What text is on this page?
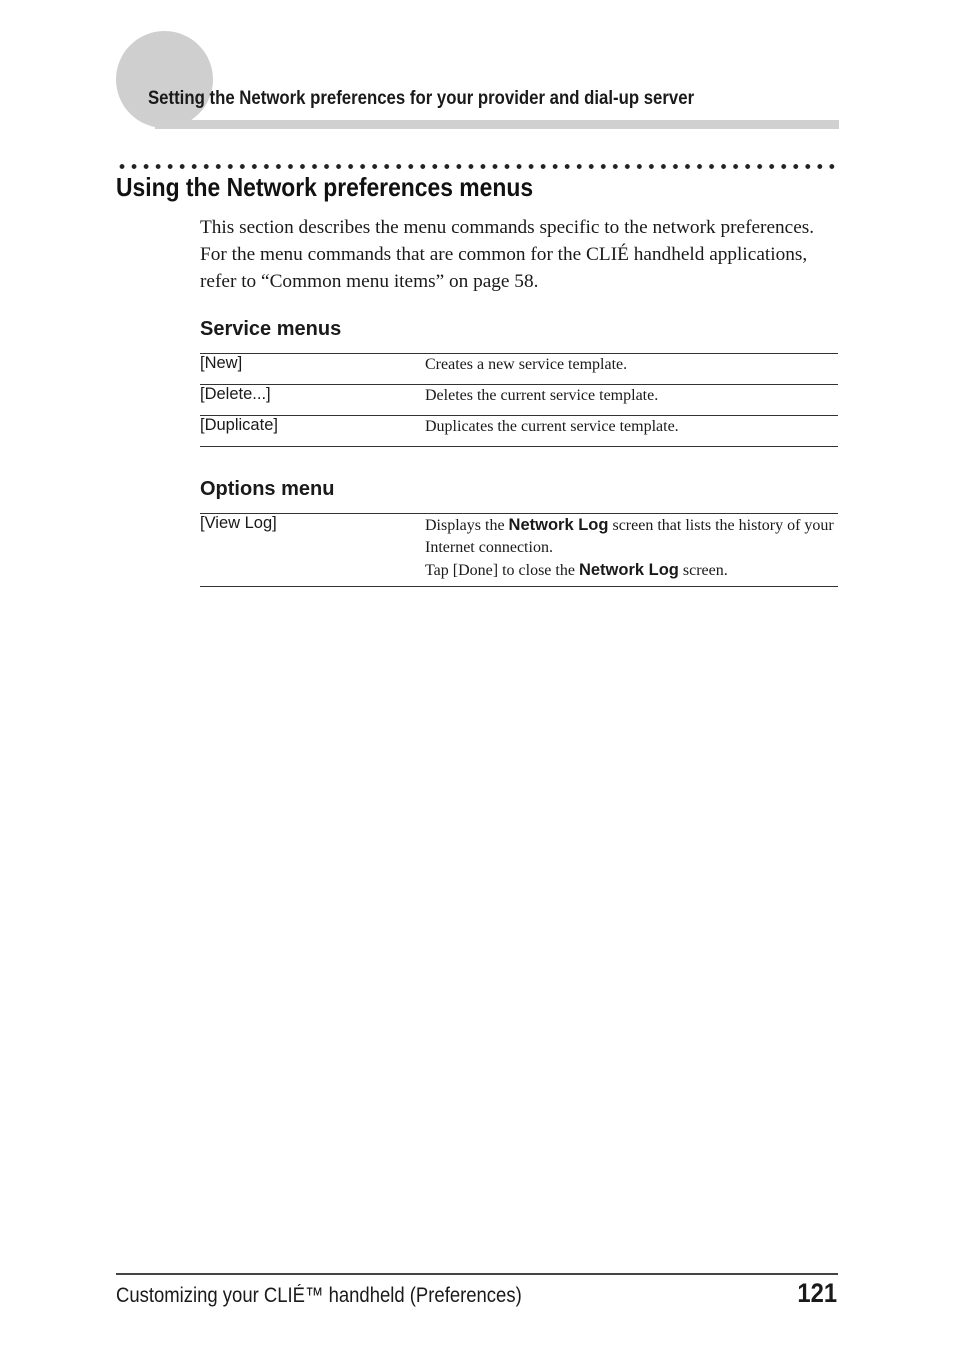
Setting the Network preferences for your provider and dial-up server
Using the Network preferences menus

This section describes the menu commands specific to the network preferences. For the menu commands that are common for the CLIÉ handheld applications, refer to “Common menu items” on page 58.

Service menus
[New]	Creates a new service template.
[Delete...]	Deletes the current service template.
[Duplicate]	Duplicates the current service template.
Options menu
[View Log]	Displays the Network Log screen that lists the history of your Internet connection.
Tap [Done] to close the Network Log screen.
Customizing your CLIÉ™ handheld (Preferences)	121
